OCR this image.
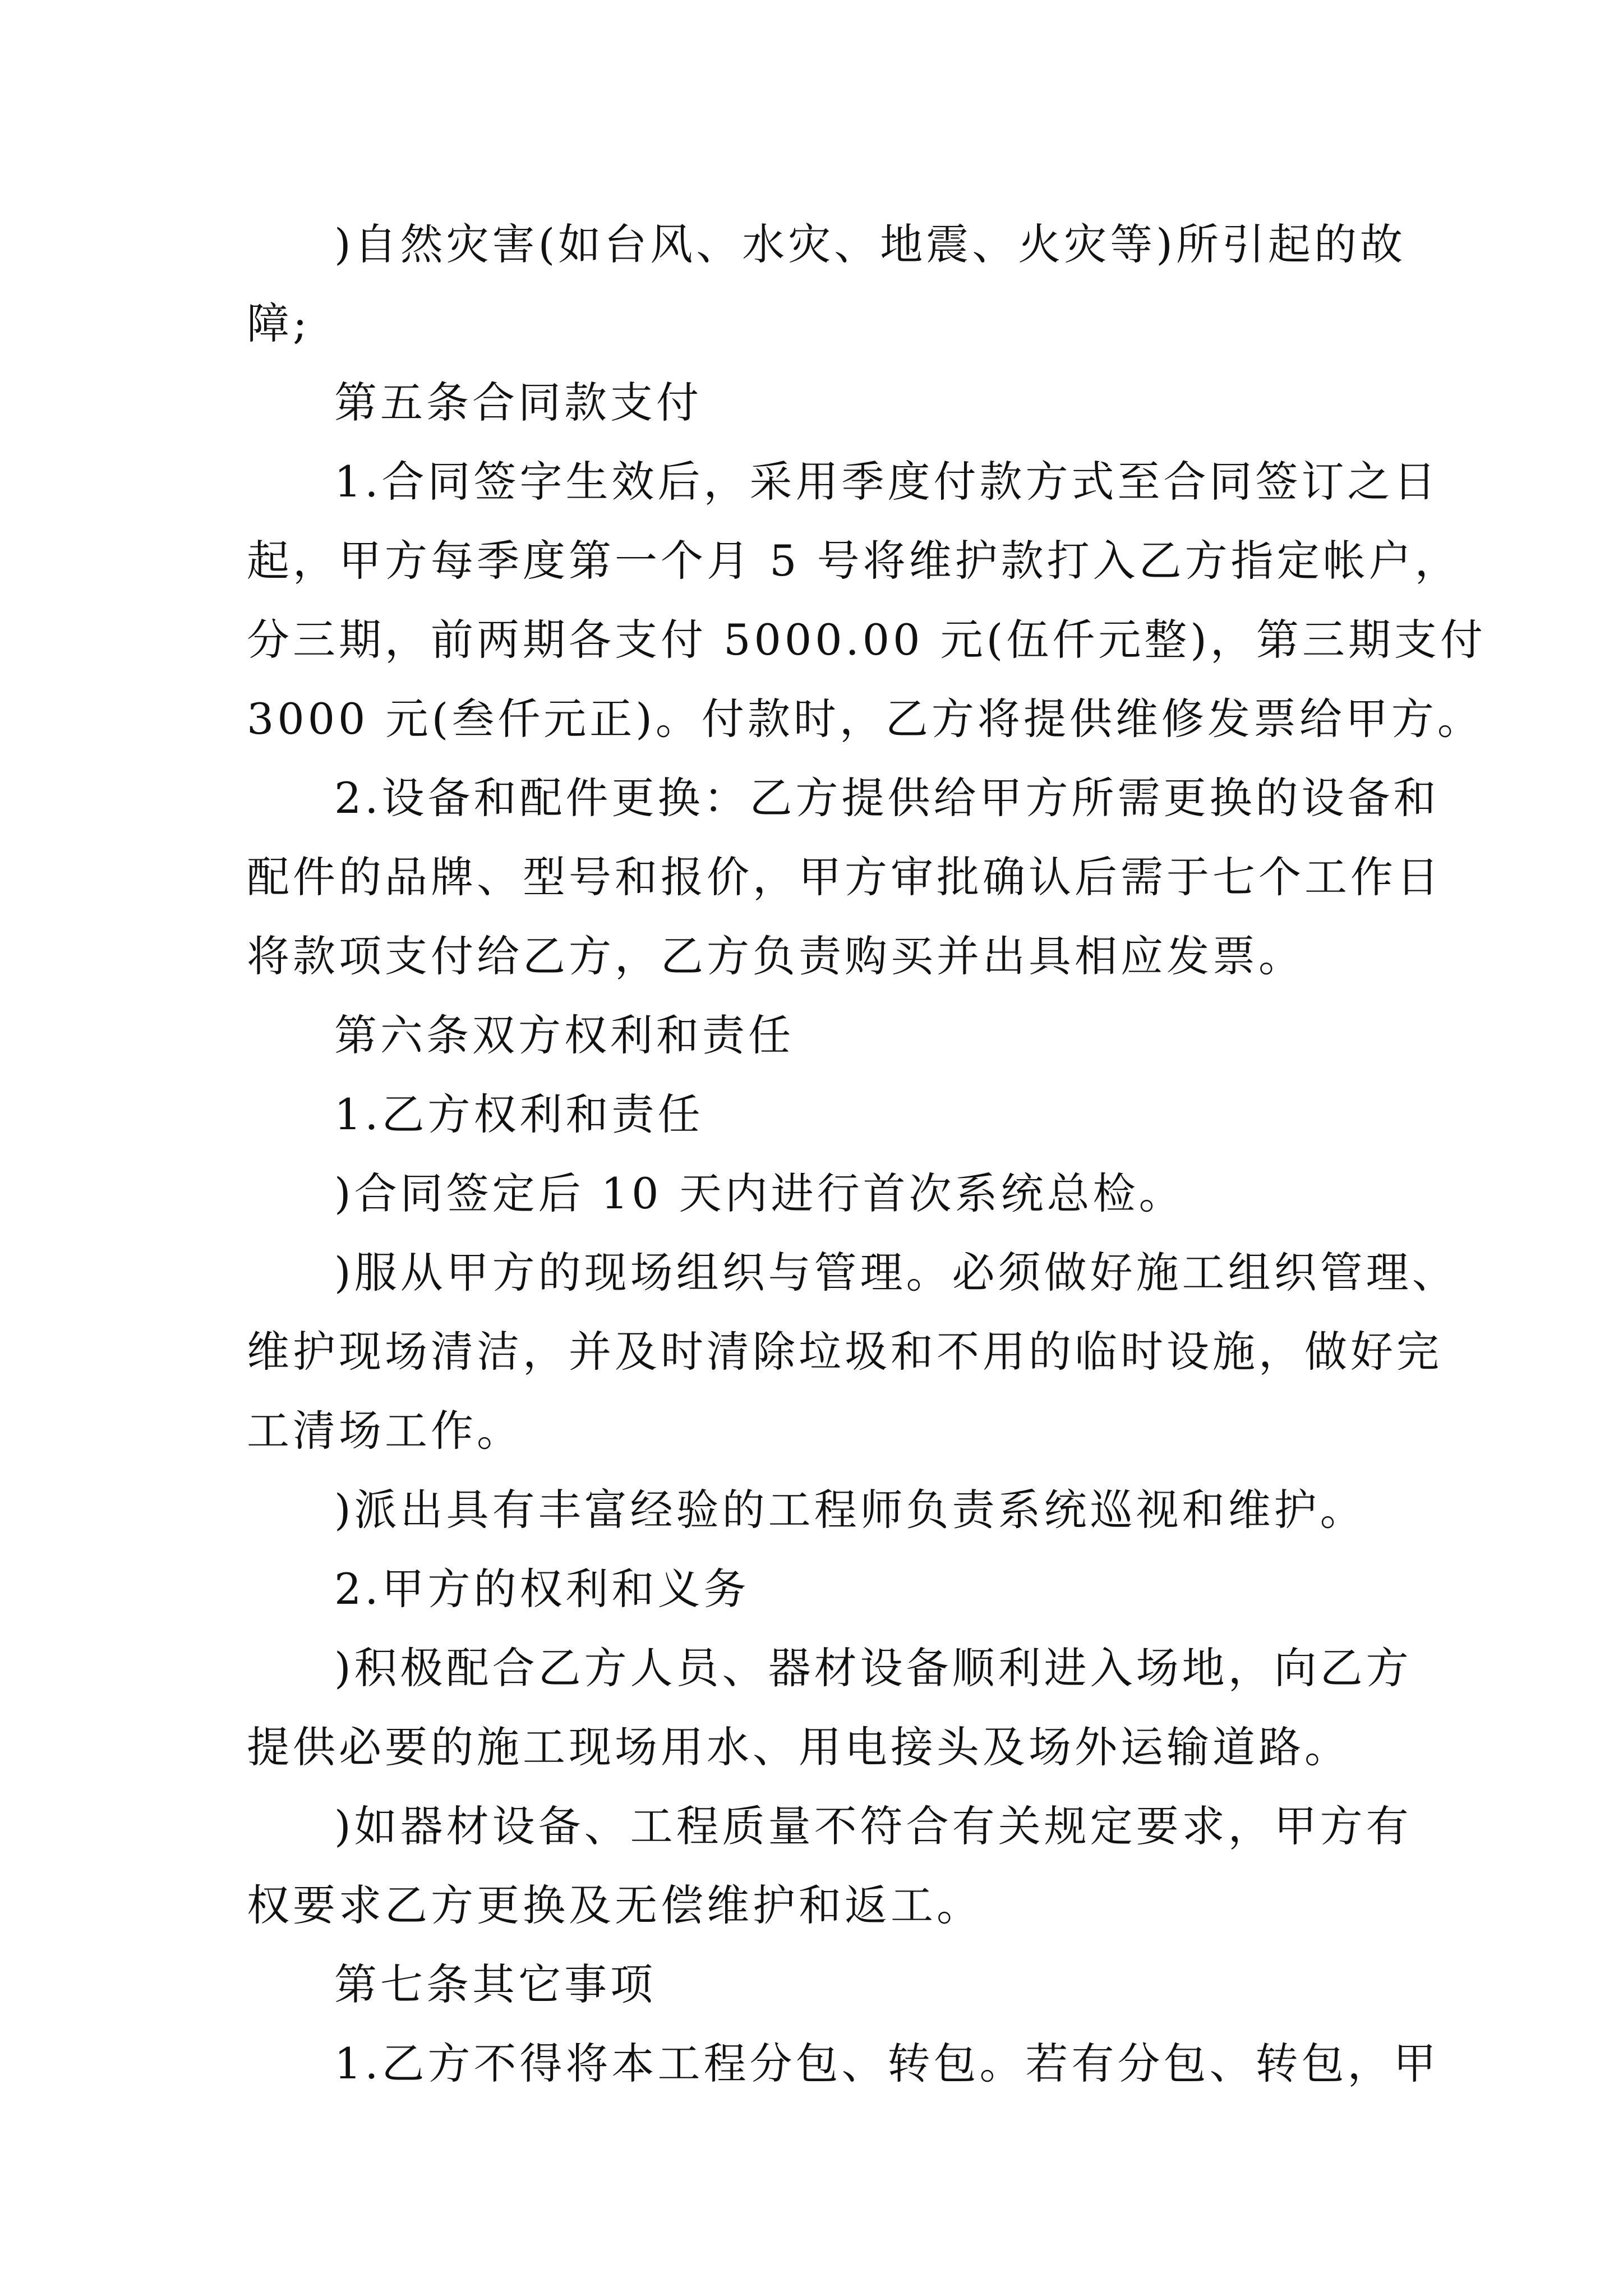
)自然灾害(如台风、水灾、地震、火灾等)所引起的故
障;
第五条合同款支付
1.合同签字生效后，采用季度付款方式至合同签订之日
起，甲方每季度第一个月 5 号将维护款打入乙方指定帐户，
分三期，前两期各支付 5000.00 元(伍仟元整)，第三期支付
3000 元(叁仟元正)。付款时，乙方将提供维修发票给甲方。
2.设备和配件更换：乙方提供给甲方所需更换的设备和
配件的品牌、型号和报价，甲方审批确认后需于七个工作日
将款项支付给乙方，乙方负责购买并出具相应发票。
第六条双方权利和责任
1.乙方权利和责任
)合同签定后 10 天内进行首次系统总检。
)服从甲方的现场组织与管理。必须做好施工组织管理、
维护现场清洁，并及时清除垃圾和不用的临时设施，做好完
工清场工作。
)派出具有丰富经验的工程师负责系统巡视和维护。
2.甲方的权利和义务
)积极配合乙方人员、器材设备顺利进入场地，向乙方
提供必要的施工现场用水、用电接头及场外运输道路。
)如器材设备、工程质量不符合有关规定要求，甲方有
权要求乙方更换及无偿维护和返工。
第七条其它事项
1.乙方不得将本工程分包、转包。若有分包、转包，甲
